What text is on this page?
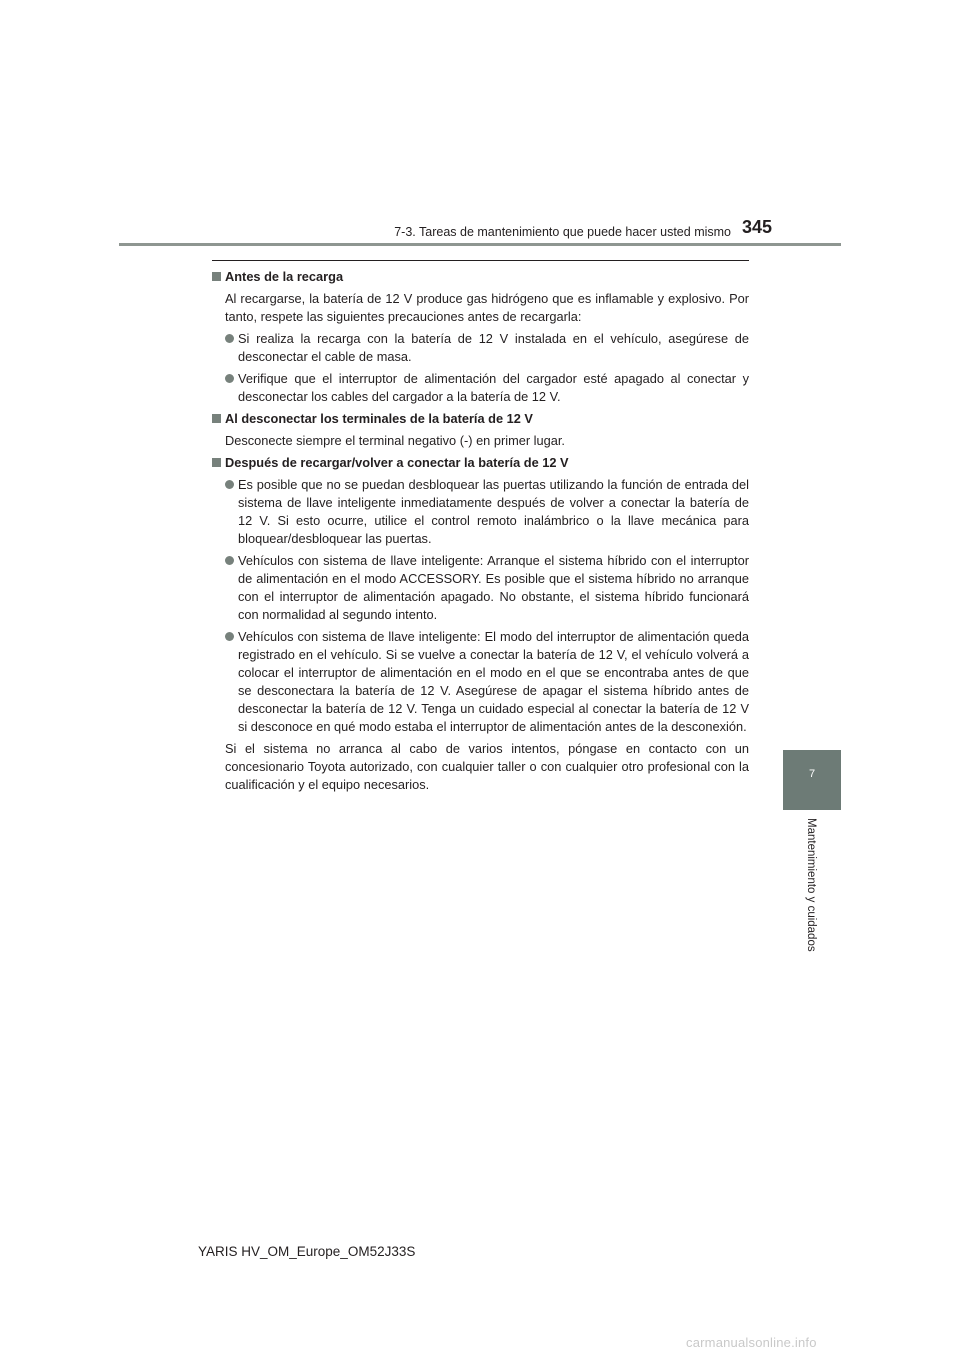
7-3. Tareas de mantenimiento que puede hacer usted mismo 345
7
Mantenimiento y cuidados
Antes de la recarga
Al recargarse, la batería de 12 V produce gas hidrógeno que es inflamable y explosivo. Por tanto, respete las siguientes precauciones antes de recargarla:
Si realiza la recarga con la batería de 12 V instalada en el vehículo, asegúrese de desconectar el cable de masa.
Verifique que el interruptor de alimentación del cargador esté apagado al conectar y desconectar los cables del cargador a la batería de 12 V.
Al desconectar los terminales de la batería de 12 V
Desconecte siempre el terminal negativo (-) en primer lugar.
Después de recargar/volver a conectar la batería de 12 V
Es posible que no se puedan desbloquear las puertas utilizando la función de entrada del sistema de llave inteligente inmediatamente después de volver a conectar la batería de 12 V. Si esto ocurre, utilice el control remoto inalámbrico o la llave mecánica para bloquear/desbloquear las puertas.
Vehículos con sistema de llave inteligente: Arranque el sistema híbrido con el interruptor de alimentación en el modo ACCESSORY. Es posible que el sistema híbrido no arranque con el interruptor de alimentación apagado. No obstante, el sistema híbrido funcionará con normalidad al segundo intento.
Vehículos con sistema de llave inteligente: El modo del interruptor de alimentación queda registrado en el vehículo. Si se vuelve a conectar la batería de 12 V, el vehículo volverá a colocar el interruptor de alimentación en el modo en el que se encontraba antes de que se desconectara la batería de 12 V. Asegúrese de apagar el sistema híbrido antes de desconectar la batería de 12 V. Tenga un cuidado especial al conectar la batería de 12 V si desconoce en qué modo estaba el interruptor de alimentación antes de la desconexión.
Si el sistema no arranca al cabo de varios intentos, póngase en contacto con un concesionario Toyota autorizado, con cualquier taller o con cualquier otro profesional con la cualificación y el equipo necesarios.
YARIS HV_OM_Europe_OM52J33S
carmanualsonline.info
